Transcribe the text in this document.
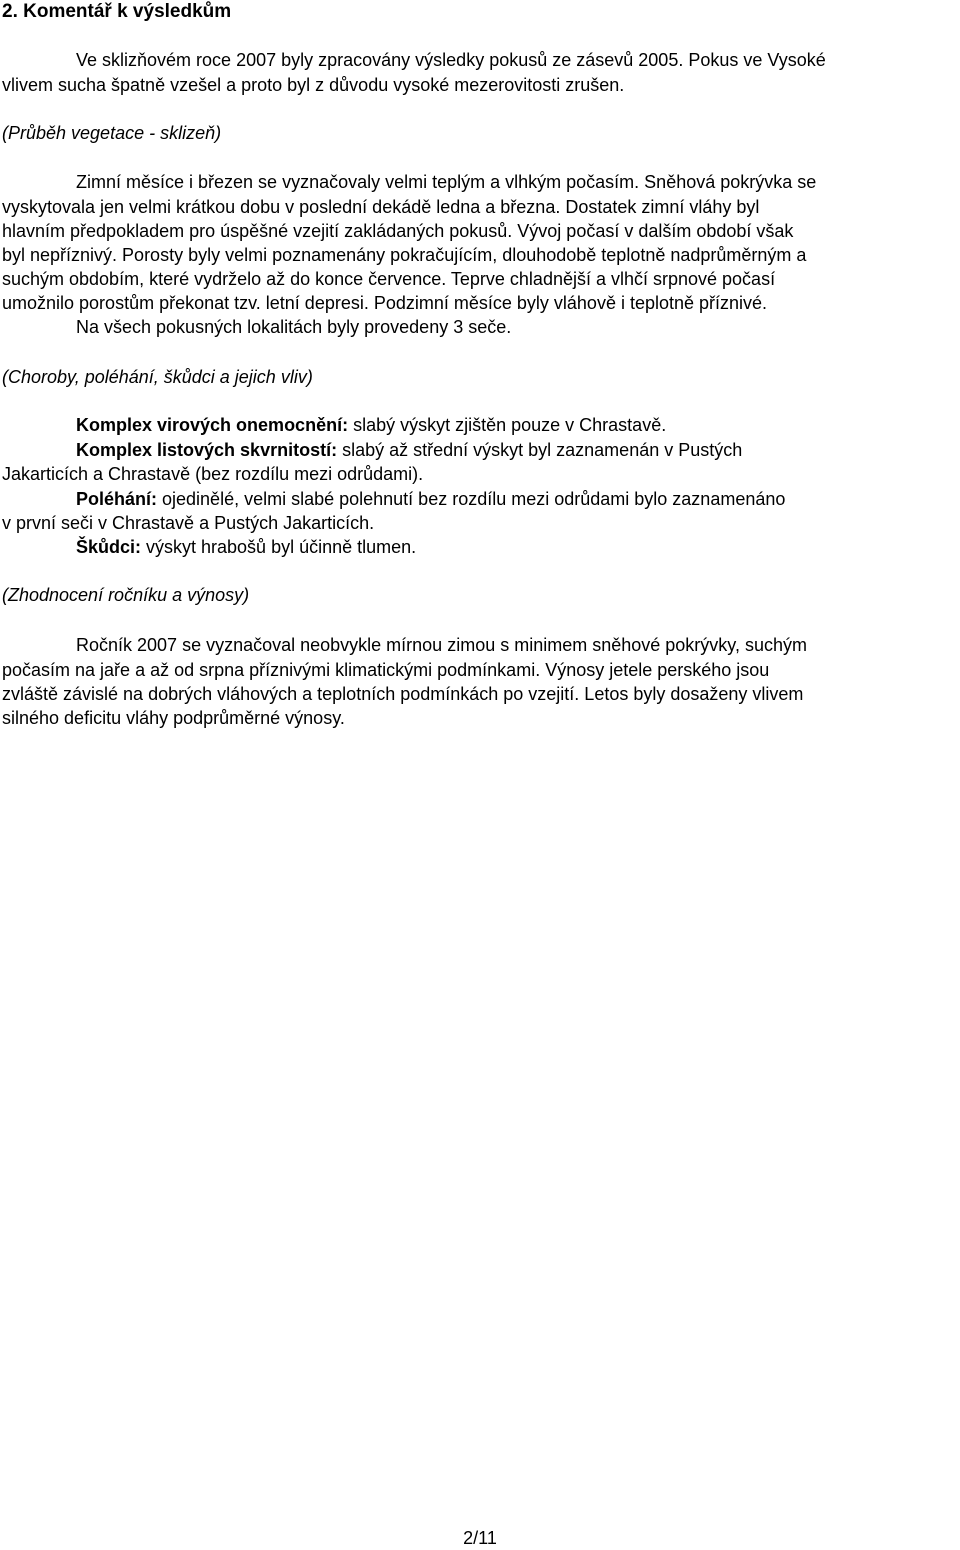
2. Komentář k výsledkům
Ve sklizňovém roce 2007 byly zpracovány výsledky pokusů ze zásevů 2005. Pokus ve Vysoké
vlivem sucha špatně vzešel a proto byl z důvodu vysoké mezerovitosti zrušen.
(Průběh vegetace - sklizeň)
Zimní měsíce i březen se vyznačovaly velmi teplým a vlhkým počasím. Sněhová pokrývka se
vyskytovala jen velmi krátkou dobu v poslední dekádě ledna a března. Dostatek zimní vláhy byl
hlavním předpokladem pro úspěšné vzejití zakládaných pokusů. Vývoj počasí v dalším období však
byl nepříznivý. Porosty byly velmi poznamenány pokračujícím, dlouhodobě teplotně nadprůměrným a
suchým obdobím, které vydrželo až do konce července. Teprve chladnější a vlhčí srpnové počasí
umožnilo porostům překonat tzv. letní depresi. Podzimní měsíce byly vláhově i teplotně příznivé.
Na všech pokusných lokalitách byly provedeny 3 seče.
(Choroby, poléhání, škůdci a jejich vliv)
Komplex virových onemocnění: slabý výskyt zjištěn pouze v Chrastavě.
Komplex listových skvrnitostí: slabý až střední výskyt byl zaznamenán v Pustých
Jakarticích a Chrastavě (bez rozdílu mezi odrůdami).
Poléhání: ojedinělé, velmi slabé polehnutí bez rozdílu mezi odrůdami bylo zaznamenáno
v první seči v Chrastavě a Pustých Jakarticích.
Škůdci: výskyt hrabošů byl účinně tlumen.
(Zhodnocení ročníku a výnosy)
Ročník 2007 se vyznačoval neobvykle mírnou zimou s minimem sněhové pokrývky, suchým
počasím na jaře a až od srpna příznivými klimatickými podmínkami. Výnosy jetele perského jsou
zvláště závislé na dobrých vláhových a teplotních podmínkách po vzejití. Letos byly dosaženy vlivem
silného deficitu vláhy podprůměrné výnosy.
2/11
